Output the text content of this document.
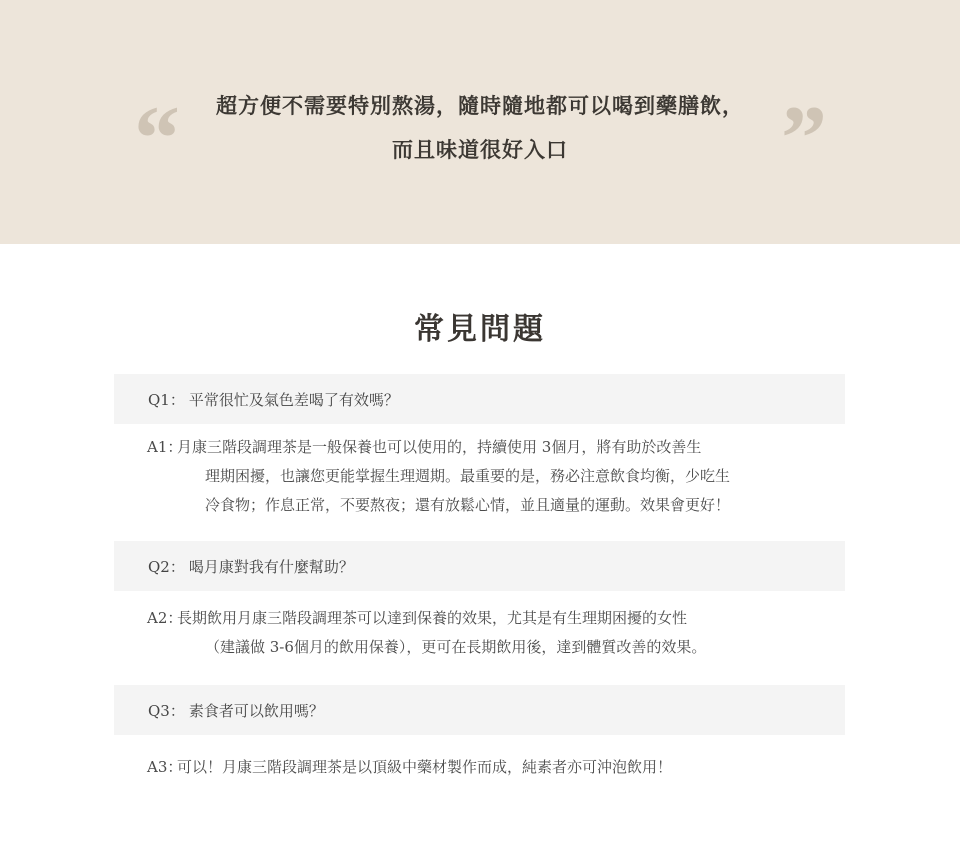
“	超方便不需要特別熬湯，隨時隨地都可以喝到藥膳飲，
而且味道很好入口	”
常見問題
Q1： 平常很忙及氣色差喝了有效嗎？
A1：
月康三階段調理茶是一般保養也可以使用的，持續使用 3個月，將有助於改善生
理期困擾，也讓您更能掌握生理週期。最重要的是，務必注意飲食均衡，少吃生
冷食物；作息正常，不要熬夜；還有放鬆心情，並且適量的運動。效果會更好！
Q2： 喝月康對我有什麼幫助？
A2：
長期飲用月康三階段調理茶可以達到保養的效果，尤其是有生理期困擾的女性
（建議做 3-6個月的飲用保養），更可在長期飲用後，達到體質改善的效果。
Q3： 素食者可以飲用嗎？
A3：
可以！月康三階段調理茶是以頂級中藥材製作而成，純素者亦可沖泡飲用！
